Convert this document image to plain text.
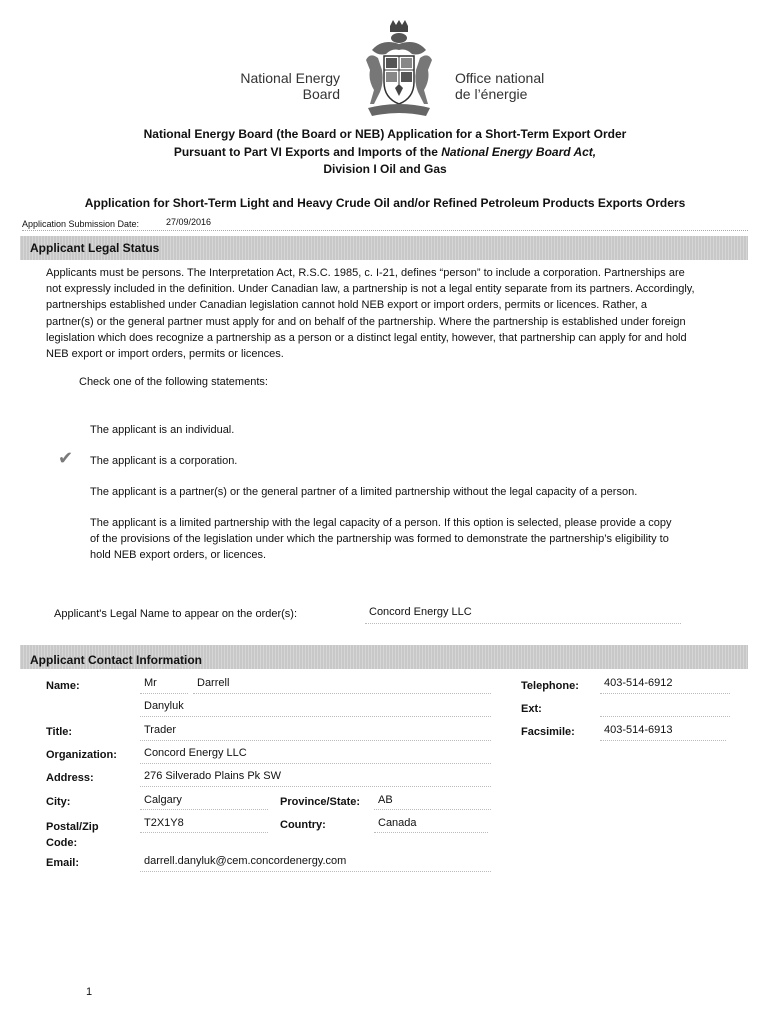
National Energy
Board
Office national
de l’énergie
National Energy Board (the Board or NEB) Application for a Short-Term Export Order
Pursuant to Part VI Exports and Imports of the National Energy Board Act,
Division I Oil and Gas
Application for Short-Term Light and Heavy Crude Oil and/or Refined Petroleum Products Exports Orders
Application Submission Date:	27/09/2016
Applicant Legal Status
Applicants must be persons. The Interpretation Act, R.S.C. 1985, c. I-21, defines “person” to include a corporation. Partnerships are not expressly included in the definition. Under Canadian law, a partnership is not a legal entity separate from its partners. Accordingly, partnerships established under Canadian legislation cannot hold NEB export or import orders, permits or licences. Rather, a partner(s) or the general partner must apply for and on behalf of the partnership. Where the partnership is established under foreign legislation which does recognize a partnership as a person or a distinct legal entity, however, that partnership can apply for and hold NEB export or import orders, permits or licences.
Check one of the following statements:
The applicant is an individual.
✔ The applicant is a corporation.
The applicant is a partner(s) or the general partner of a limited partnership without the legal capacity of a person.
The applicant is a limited partnership with the legal capacity of a person. If this option is selected, please provide a copy of the provisions of the legislation under which the partnership was formed to demonstrate the partnership’s eligibility to hold NEB export orders, or licences.
Applicant's Legal Name to appear on the order(s):	Concord Energy LLC
Applicant Contact Information
Name:	Mr	Darrell
Danyluk
Title:	Trader
Organization: Concord Energy LLC
Address:	276 Silverado Plains Pk SW
City:	Calgary	Province/State: AB
Postal/Zip
Code:
T2X1Y8	Country:	Canada
Email:	darrell.danyluk@cem.concordenergy.com
Telephone: 403-514-6912
Ext:
Facsimile:	403-514-6913
1
